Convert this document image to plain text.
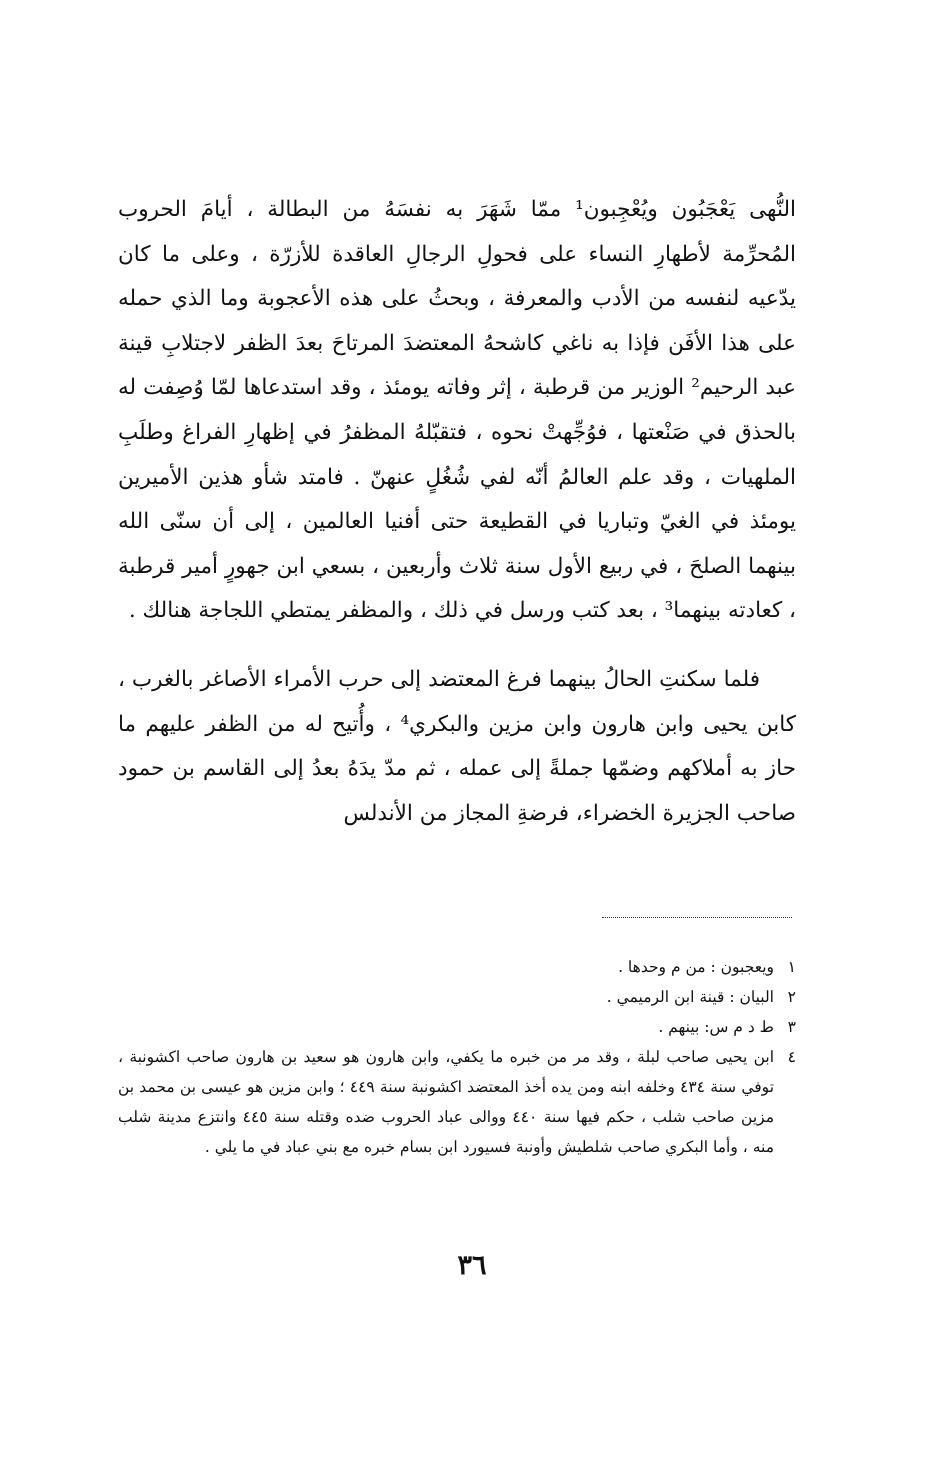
النُّهى يَعْجَبُون ويُعْجِبون¹ ممّا شَهَرَ به نفسَهُ من البطالة ، أيامَ الحروب المُحرِّمة لأطهارِ النساء على فحولِ الرجالِ العاقدة للأزرّة ، وعلى ما كان يدّعيه لنفسه من الأدب والمعرفة ، وبحثُ على هذه الأعجوبة وما الذي حمله على هذا الأفَن فإذا به ناغي كاشحهُ المعتضدَ المرتاحَ بعدَ الظفر لاجتلابِ قينة عبد الرحيم² الوزير من قرطبة ، إثر وفاته يومئذ ، وقد استدعاها لمّا وُصِفت له بالحذق في صَنْعتها ، فوُجِّهتْ نحوه ، فتقبّلهُ المظفرُ في إظهارِ الفراغ وطلَبِ الملهيات ، وقد علم العالمُ أنّه لفي شُغُلٍ عنهنّ . فامتد شأو هذين الأميرين يومئذ في الغيّ وتباريا في القطيعة حتى أفنيا العالمين ، إلى أن سنّى الله بينهما الصلحَ ، في ربيع الأول سنة ثلاث وأربعين ، بسعي ابن جهورٍ أمير قرطبة ، كعادته بينهما³ ، بعد كتب ورسل في ذلك ، والمظفر يمتطي اللجاجة هنالك .

فلما سكنتِ الحالُ بينهما فرغ المعتضد إلى حرب الأمراء الأصاغر بالغرب ، كابن يحيى وابن هارون وابن مزين والبكري⁴ ، وأُتيح له من الظفر عليهم ما حاز به أملاكهم وضمّها جملةً إلى عمله ، ثم مدّ يدَهُ بعدُ إلى القاسم بن حمود صاحب الجزيرة الخضراء، فرضةِ المجاز من الأندلس

١
ويعجبون : من م وحدها .
٢
البيان : قينة ابن الرميمي .
٣
ط د م س: بينهم .
٤
ابن يحيى صاحب لبلة ، وقد مر من خبره ما يكفي، وابن هارون هو سعيد بن هارون صاحب اكشونبة ، توفي سنة ٤٣٤ وخلفه ابنه ومن يده أخذ المعتضد اكشونبة سنة ٤٤٩ ؛ وابن مزين هو عيسى بن محمد بن مزين صاحب شلب ، حكم فيها سنة ٤٤٠ ووالى عباد الحروب ضده وقتله سنة ٤٤٥ وانتزع مدينة شلب منه ، وأما البكري صاحب شلطيش وأونبة فسيورد ابن بسام خبره مع بني عباد في ما يلي .
٣٦
